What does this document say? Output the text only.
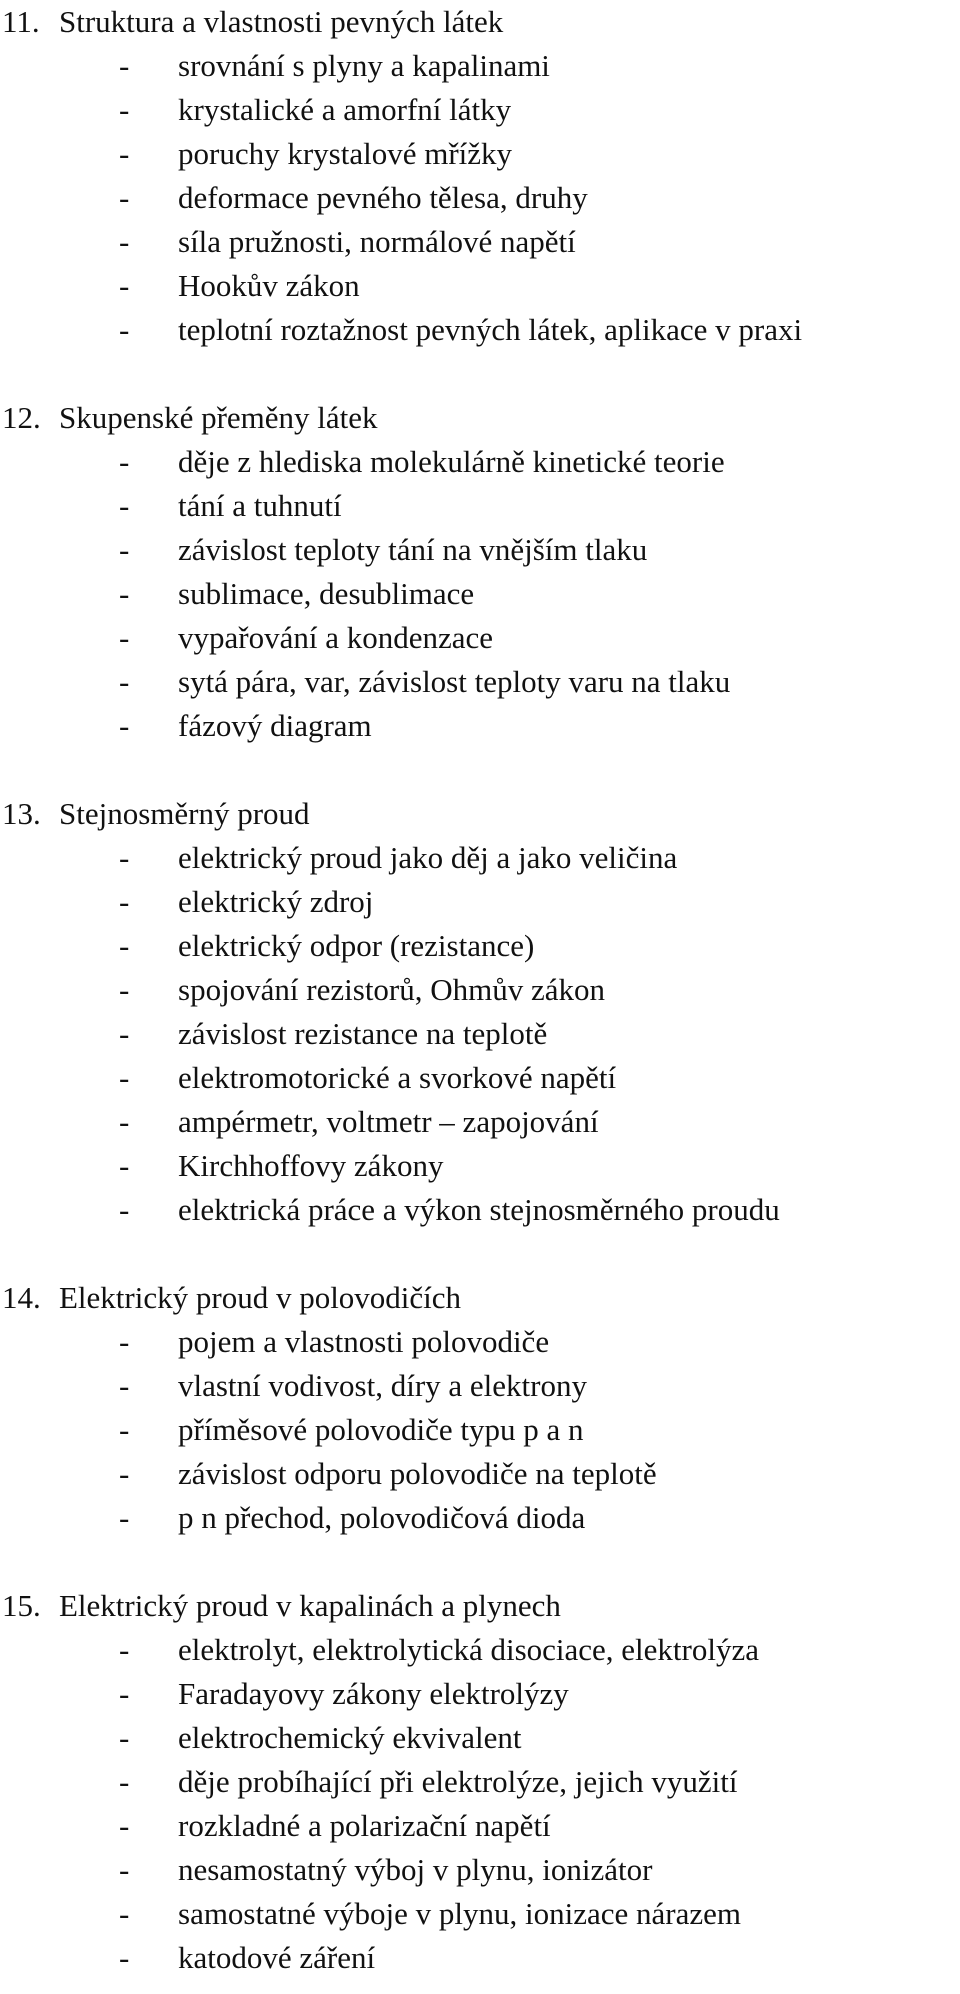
11. Struktura a vlastnosti pevných látek
- srovnání s plyny a kapalinami
- krystalické a amorfní látky
- poruchy krystalové mřížky
- deformace pevného tělesa, druhy
- síla pružnosti, normálové napětí
- Hookův zákon
- teplotní roztažnost pevných látek, aplikace v praxi
12. Skupenské přeměny látek
- děje z hlediska molekulárně kinetické teorie
- tání a tuhnutí
- závislost teploty tání na vnějším tlaku
- sublimace, desublimace
- vypařování a kondenzace
- sytá pára, var, závislost teploty varu na tlaku
- fázový diagram
13. Stejnosměrný proud
- elektrický proud jako děj a jako veličina
- elektrický zdroj
- elektrický odpor (rezistance)
- spojování rezistorů, Ohmův zákon
- závislost rezistance na teplotě
- elektromotorické a svorkové napětí
- ampérmetr, voltmetr – zapojování
- Kirchhoffovy zákony
- elektrická práce a výkon stejnosměrného proudu
14. Elektrický proud v polovodičích
- pojem a vlastnosti polovodiče
- vlastní vodivost, díry a elektrony
- příměsové polovodiče typu p a n
- závislost odporu polovodiče na teplotě
- p n přechod, polovodičová dioda
15. Elektrický proud v kapalinách a plynech
- elektrolyt, elektrolytická disociace, elektrolýza
- Faradayovy zákony elektrolýzy
- elektrochemický ekvivalent
- děje probíhající při elektrolýze, jejich využití
- rozkladné a polarizační napětí
- nesamostatný výboj v plynu, ionizátor
- samostatné výboje v plynu, ionizace nárazem
- katodové záření
